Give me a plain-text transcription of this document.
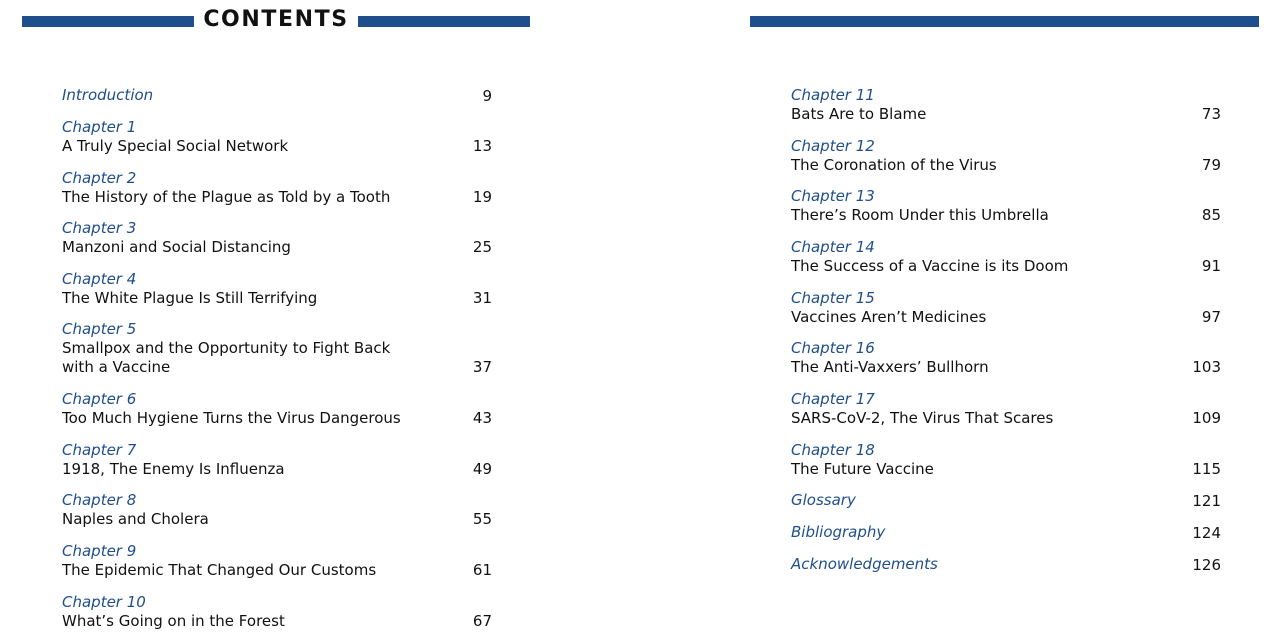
CONTENTS
Introduction	9
Chapter 1
A Truly Special Social Network	13
Chapter 2
The History of the Plague as Told by a Tooth	19
Chapter 3
Manzoni and Social Distancing	25
Chapter 4
The White Plague Is Still Terrifying	31
Chapter 5
Smallpox and the Opportunity to Fight Back
with a Vaccine	37
Chapter 6
Too Much Hygiene Turns the Virus Dangerous	43
Chapter 7
1918, The Enemy Is Influenza	49
Chapter 8
Naples and Cholera	55
Chapter 9
The Epidemic That Changed Our Customs	61
Chapter 10
What’s Going on in the Forest	67
Chapter 11
Bats Are to Blame	73
Chapter 12
The Coronation of the Virus	79
Chapter 13
There’s Room Under this Umbrella	85
Chapter 14
The Success of a Vaccine is its Doom	91
Chapter 15
Vaccines Aren’t Medicines	97
Chapter 16
The Anti-Vaxxers’ Bullhorn	103
Chapter 17
SARS-CoV-2, The Virus That Scares	109
Chapter 18
The Future Vaccine	115
Glossary	121
Bibliography	124
Acknowledgements	126
